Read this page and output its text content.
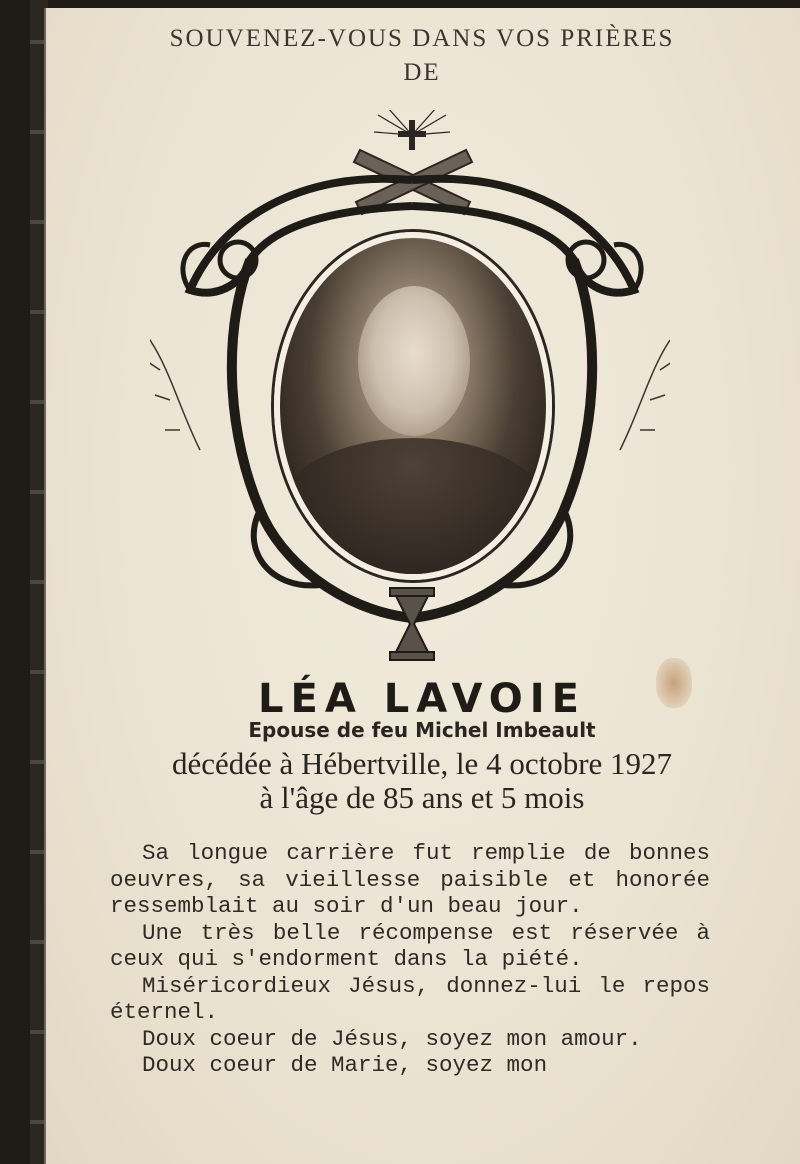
SOUVENEZ-VOUS DANS VOS PRIÈRES
DE
LÉA LAVOIE
Epouse de feu Michel Imbeault
décédée à Hébertville, le 4 octobre 1927
à l'âge de 85 ans et 5 mois

Sa longue carrière fut remplie de bonnes oeuvres, sa vieillesse paisible et honorée ressemblait au soir d'un beau jour.

Une très belle récompense est réservée à ceux qui s'endorment dans la piété.

Miséricordieux Jésus, donnez-lui le repos éternel.

Doux coeur de Jésus, soyez mon amour.

Doux coeur de Marie, soyez mon
